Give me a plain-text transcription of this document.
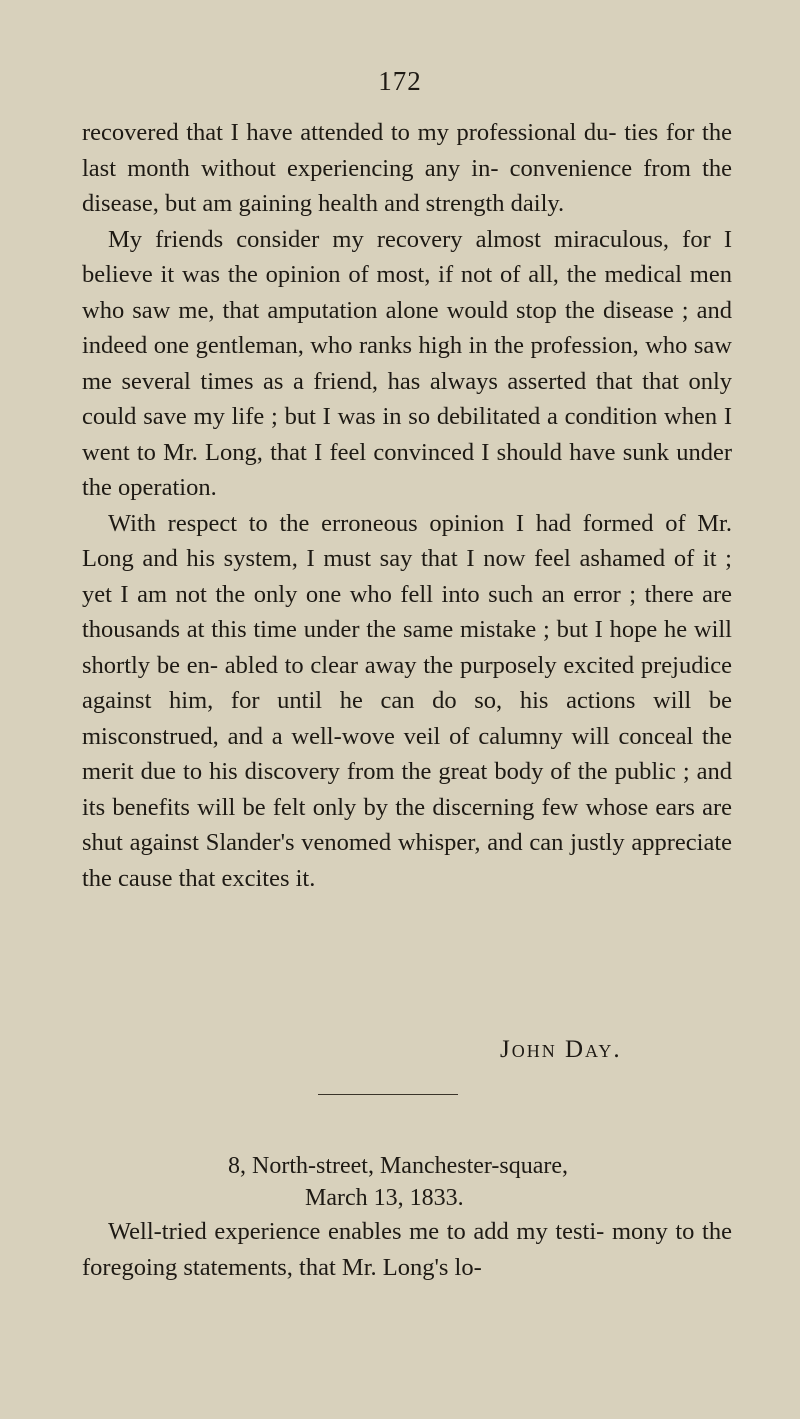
172

recovered that I have attended to my professional du- ties for the last month without experiencing any in- convenience from the disease, but am gaining health and strength daily.

My friends consider my recovery almost miraculous, for I believe it was the opinion of most, if not of all, the medical men who saw me, that amputation alone would stop the disease ; and indeed one gentleman, who ranks high in the profession, who saw me several times as a friend, has always asserted that that only could save my life ; but I was in so debilitated a condition when I went to Mr. Long, that I feel convinced I should have sunk under the operation.

With respect to the erroneous opinion I had formed of Mr. Long and his system, I must say that I now feel ashamed of it ; yet I am not the only one who fell into such an error ; there are thousands at this time under the same mistake ; but I hope he will shortly be en- abled to clear away the purposely excited prejudice against him, for until he can do so, his actions will be misconstrued, and a well-wove veil of calumny will conceal the merit due to his discovery from the great body of the public ; and its benefits will be felt only by the discerning few whose ears are shut against Slander's venomed whisper, and can justly appreciate the cause that excites it.

John Day.
8, North-street, Manchester-square,
March 13, 1833.

Well-tried experience enables me to add my testi- mony to the foregoing statements, that Mr. Long's lo-
